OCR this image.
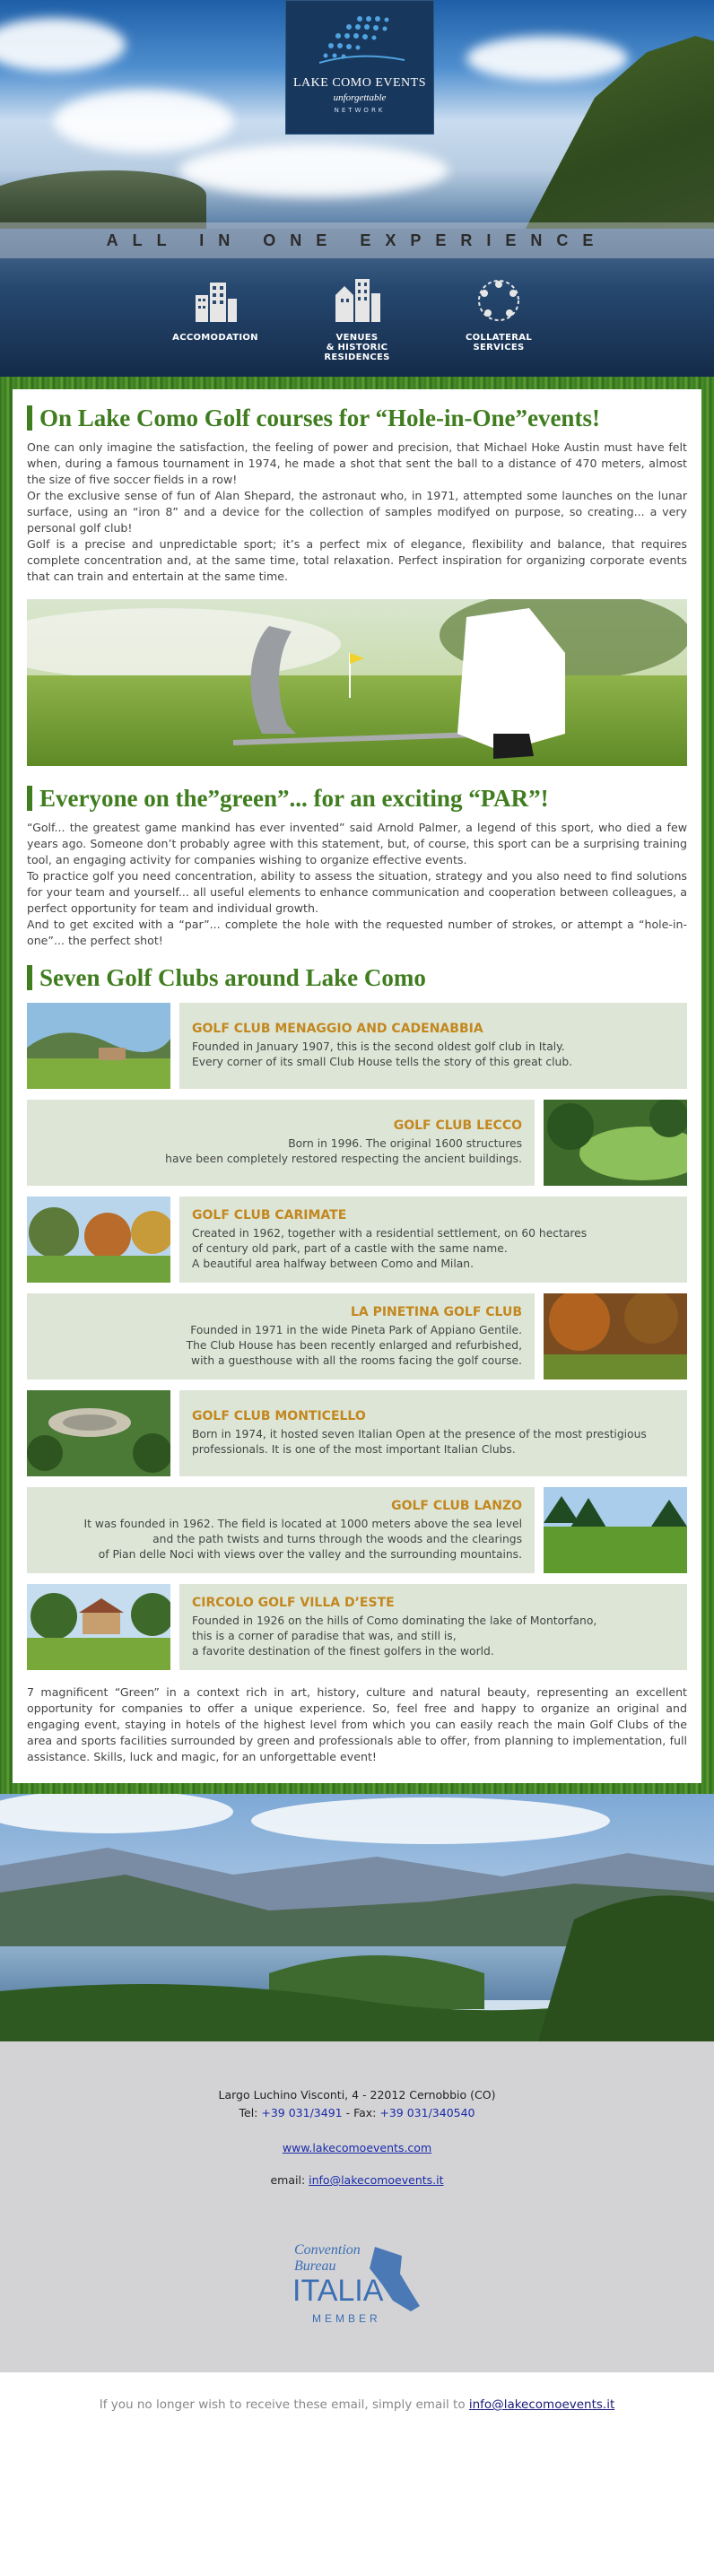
LAKE COMO EVENTS
unforgettable
NETWORK
ALL IN ONE EXPERIENCE
ACCOMODATION	VENUES
& HISTORIC
RESIDENCES
COLLATERAL
SERVICES
On Lake Como Golf courses for “Hole-in-One”events!

One can only imagine the satisfaction, the feeling of power and precision, that Michael Hoke Austin must have felt when, during a famous tournament in 1974, he made a shot that sent the ball to a distance of 470 meters, almost the size of five soccer fields in a row!
Or the exclusive sense of fun of Alan Shepard, the astronaut who, in 1971, attempted some launches on the lunar surface, using an “iron 8” and a device for the collection of samples modifyed on purpose, so creating... a very personal golf club!
Golf is a precise and unpredictable sport; it’s a perfect mix of elegance, flexibility and balance, that requires complete concentration and, at the same time, total relaxation. Perfect inspiration for organizing corporate events that can train and entertain at the same time.

Everyone on the”green”... for an exciting “PAR”!

“Golf... the greatest game mankind has ever invented” said Arnold Palmer, a legend of this sport, who died a few years ago. Someone don’t probably agree with this statement, but, of course, this sport can be a surprising training tool, an engaging activity for companies wishing to organize effective events.
To practice golf you need concentration, ability to assess the situation, strategy and you also need to find solutions for your team and yourself... all useful elements to enhance communication and cooperation between colleagues, a perfect opportunity for team and individual growth.
And to get excited with a “par”... complete the hole with the requested number of strokes, or attempt a “hole-in-one”... the perfect shot!

Seven Golf Clubs around Lake Como
GOLF CLUB MENAGGIO AND CADENABBIA
Founded in January 1907, this is the second oldest golf club in Italy.
Every corner of its small Club House tells the story of this great club.
GOLF CLUB LECCO
Born in 1996. The original 1600 structures
have been completely restored respecting the ancient buildings.
GOLF CLUB CARIMATE
Created in 1962, together with a residential settlement, on 60 hectares
of century old park, part of a castle with the same name.
A beautiful area halfway between Como and Milan.
LA PINETINA GOLF CLUB
Founded in 1971 in the wide Pineta Park of Appiano Gentile.
The Club House has been recently enlarged and refurbished,
with a guesthouse with all the rooms facing the golf course.
GOLF CLUB MONTICELLO
Born in 1974, it hosted seven Italian Open at the presence of the most prestigious
professionals. It is one of the most important Italian Clubs.
GOLF CLUB LANZO
It was founded in 1962. The field is located at 1000 meters above the sea level
and the path twists and turns through the woods and the clearings
of Pian delle Noci with views over the valley and the surrounding mountains.
CIRCOLO GOLF VILLA D’ESTE
Founded in 1926 on the hills of Como dominating the lake of Montorfano,
this is a corner of paradise that was, and still is,
a favorite destination of the finest golfers in the world.

7 magnificent “Green” in a context rich in art, history, culture and natural beauty, representing an excellent opportunity for companies to offer a unique experience. So, feel free and happy to organize an original and engaging event, staying in hotels of the highest level from which you can easily reach the main Golf Clubs of the area and sports facilities surrounded by green and professionals able to offer, from planning to implementation, full assistance. Skills, luck and magic, for an unforgettable event!

Largo Luchino Visconti, 4 - 22012 Cernobbio (CO)
Tel: +39 031/3491 - Fax: +39 031/340540
www.lakecomoevents.com
email: info@lakecomoevents.it
Convention
Bureau
ITALIA
MEMBER
If you no longer wish to receive these email, simply email to info@lakecomoevents.it
